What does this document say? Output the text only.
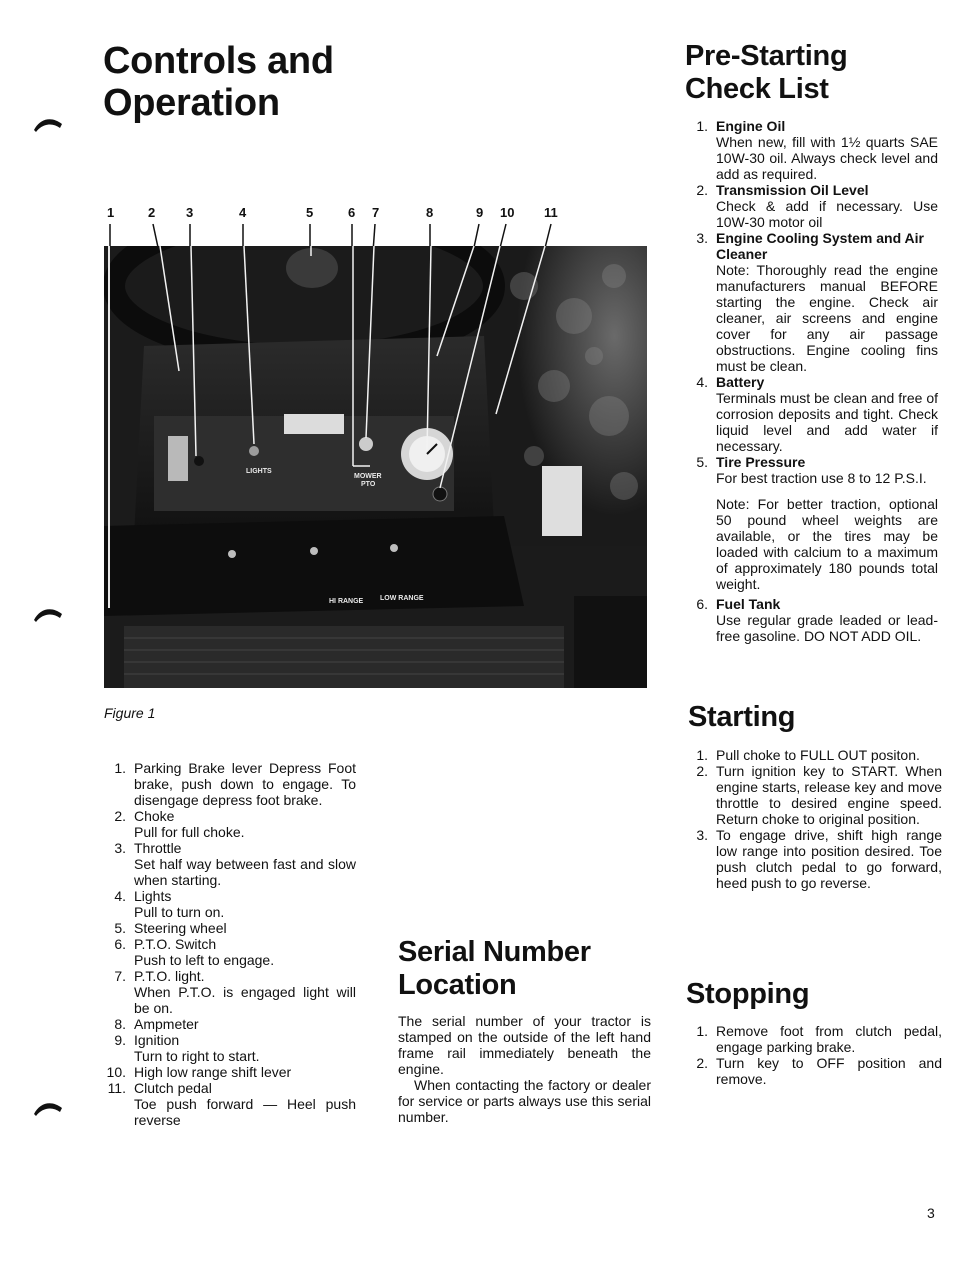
Controls and
Operation
1	2 3	4	5	6 7	8	9 10 11
LIGHTS
MOWER
PTO
HI RANGE LOW RANGE
Figure 1
1. Parking Brake lever Depress Foot brake, push down to engage. To disengage depress foot brake.
2. Choke
Pull for full choke.
3. Throttle
Set half way between fast and slow when starting.
4. Lights
Pull to turn on.
5. Steering wheel
6. P.T.O. Switch
Push to left to engage.
7. P.T.O. light.
When P.T.O. is engaged light will be on.
8. Ampmeter
9. Ignition
Turn to right to start.
10. High low range shift lever
11. Clutch pedal
Toe push forward — Heel push reverse
Serial Number
Location

The serial number of your tractor is stamped on the outside of the left hand frame rail immediately beneath the engine.

When contacting the factory or dealer for service or parts always use this serial number.

Pre-Starting
Check List
1. Engine Oil
When new, fill with 1½ quarts SAE 10W-30 oil. Always check level and add as required.
2. Transmission Oil Level
Check & add if necessary. Use 10W-30 motor oil
3. Engine Cooling System and Air Cleaner
Note: Thoroughly read the engine manufacturers manual BEFORE starting the engine. Check air cleaner, air screens and engine cover for any air passage obstructions. Engine cooling fins must be clean.
4. Battery
Terminals must be clean and free of corrosion deposits and tight. Check liquid level and add water if necessary.
5. Tire Pressure
For best traction use 8 to 12 P.S.I.
Note: For better traction, optional 50 pound wheel weights are available, or the tires may be loaded with calcium to a maximum of approximately 180 pounds total weight.
6. Fuel Tank
Use regular grade leaded or lead-free gasoline. DO NOT ADD OIL.
Starting
1. Pull choke to FULL OUT positon.
2. Turn ignition key to START. When engine starts, release key and move throttle to desired engine speed. Return choke to original position.
3. To engage drive, shift high range low range into position desired. Toe push clutch pedal to go forward, heed push to go reverse.
Stopping
1. Remove foot from clutch pedal, engage parking brake.
2. Turn key to OFF position and remove.
3
